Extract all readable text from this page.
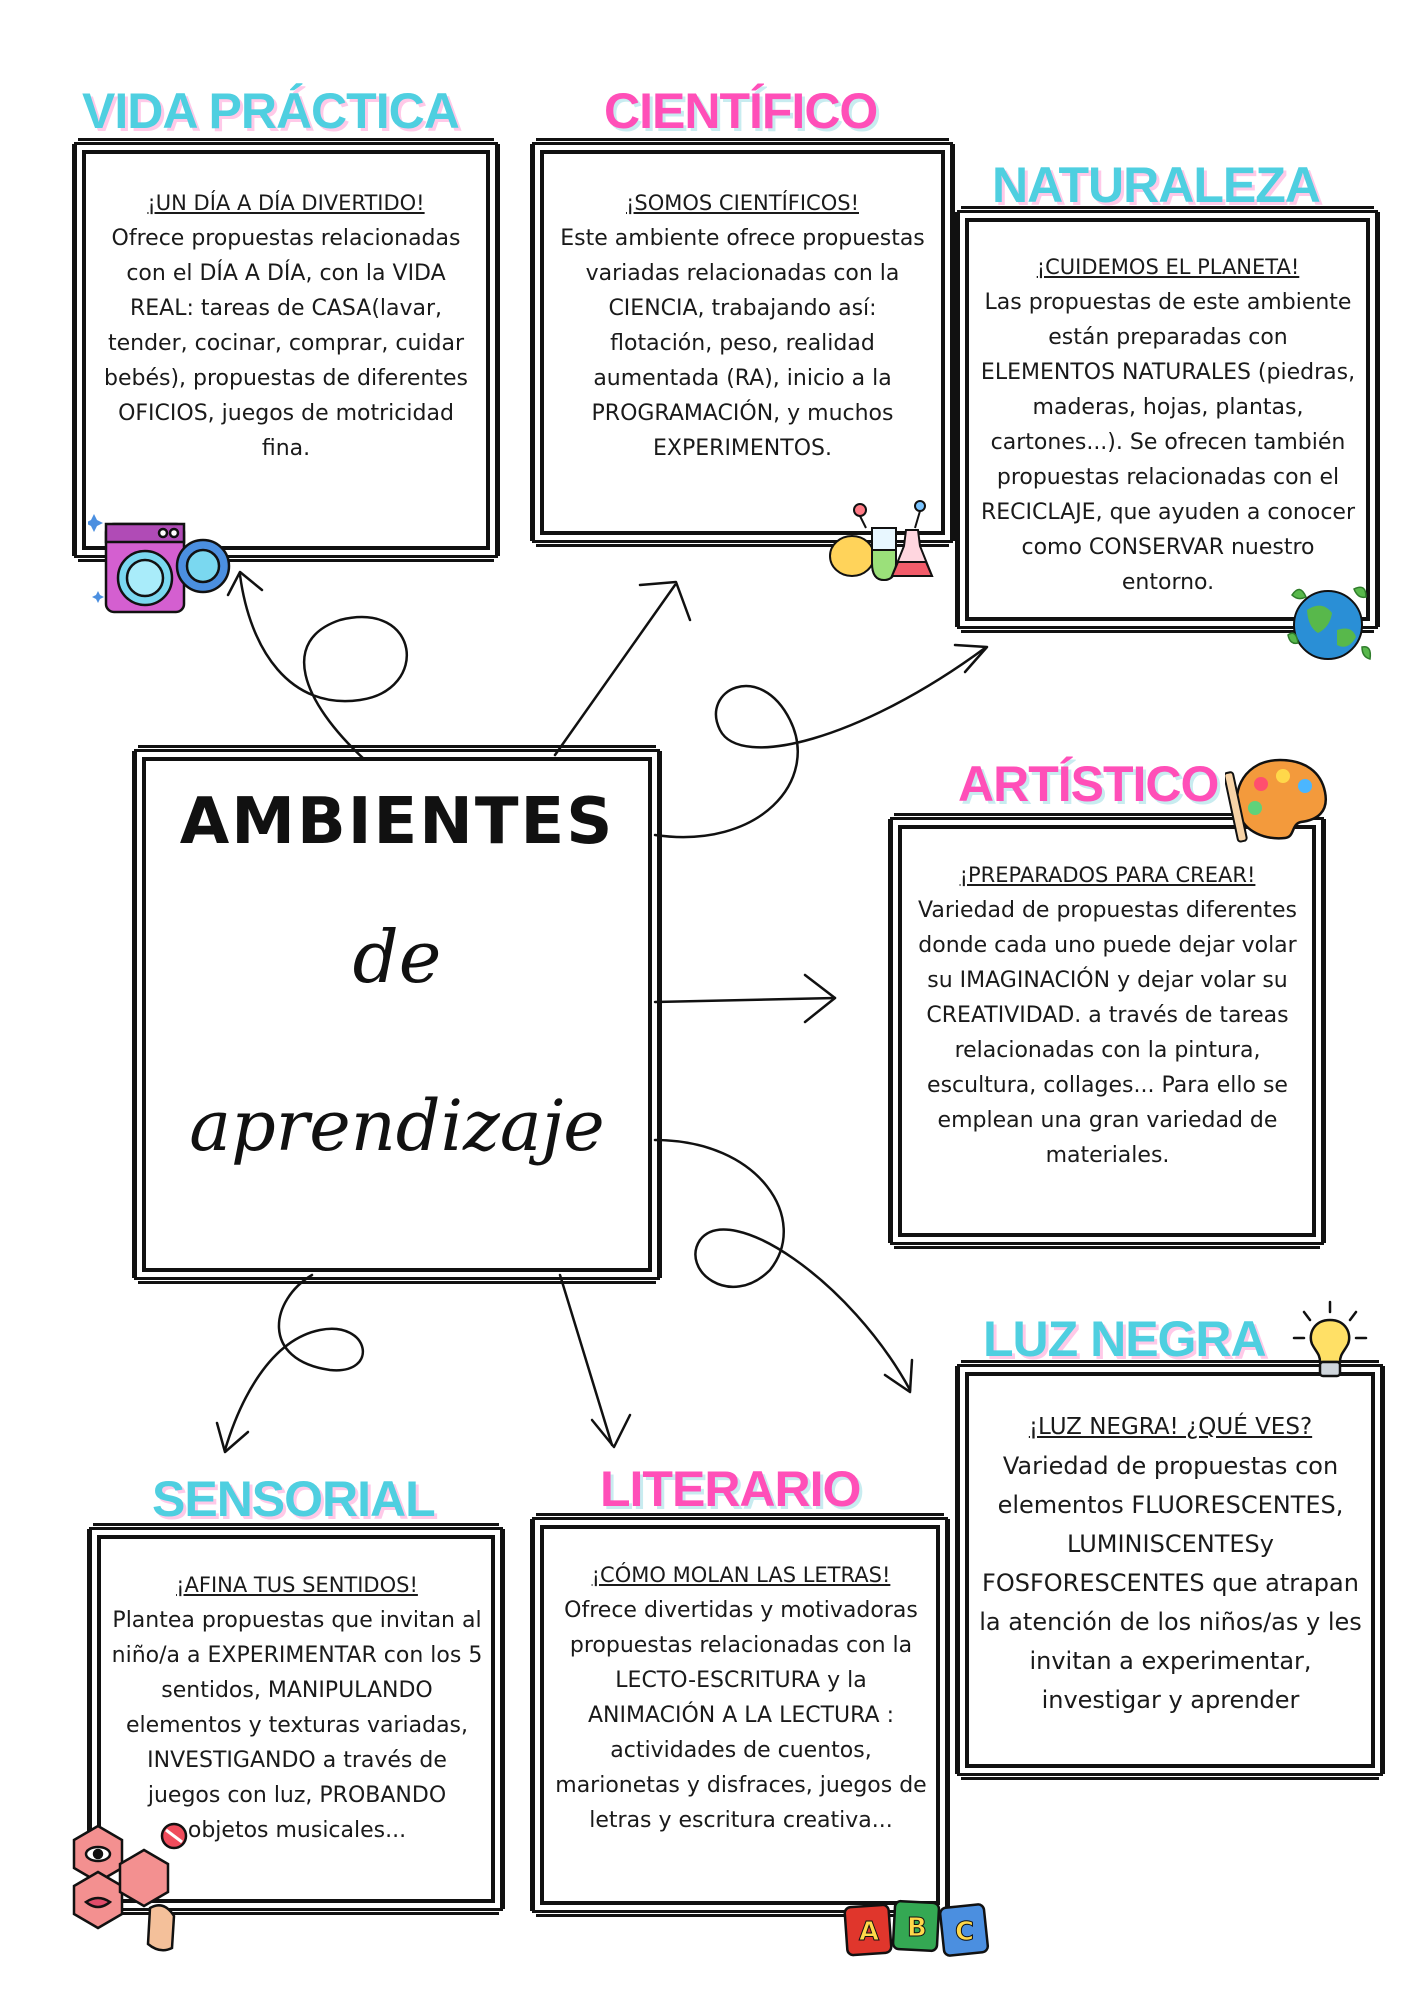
AMBIENTES
de
aprendizaje
VIDA PRÁCTICA
¡UN DÍA A DÍA DIVERTIDO!
Ofrece propuestas relacionadas con el DÍA A DÍA, con la VIDA REAL: tareas de CASA(lavar, tender, cocinar, comprar, cuidar bebés), propuestas de diferentes OFICIOS, juegos de motricidad fina.
CIENTÍFICO
¡SOMOS CIENTÍFICOS!
Este ambiente ofrece propuestas variadas relacionadas con la CIENCIA, trabajando así: flotación, peso, realidad aumentada (RA), inicio a la PROGRAMACIÓN, y muchos EXPERIMENTOS.
NATURALEZA
¡CUIDEMOS EL PLANETA!
Las propuestas de este ambiente están preparadas con ELEMENTOS NATURALES (piedras, maderas, hojas, plantas, cartones...). Se ofrecen también propuestas relacionadas con el RECICLAJE, que ayuden a conocer como CONSERVAR nuestro entorno.
ARTÍSTICO
¡PREPARADOS PARA CREAR!
Variedad de propuestas diferentes donde cada uno puede dejar volar su IMAGINACIÓN y dejar volar su CREATIVIDAD. a través de tareas relacionadas con la pintura, escultura, collages... Para ello se emplean una gran variedad de materiales.
LUZ NEGRA
¡LUZ NEGRA! ¿QUÉ VES?
Variedad de propuestas con elementos FLUORESCENTES, LUMINISCENTESy FOSFORESCENTES que atrapan la atención de los niños/as y les invitan a experimentar, investigar y aprender
SENSORIAL
¡AFINA TUS SENTIDOS!
Plantea propuestas que invitan al niño/a a EXPERIMENTAR con los 5 sentidos, MANIPULANDO elementos y texturas variadas, INVESTIGANDO a través de juegos con luz, PROBANDO objetos musicales...
LITERARIO
¡CÓMO MOLAN LAS LETRAS!
Ofrece divertidas y motivadoras propuestas relacionadas con la LECTO-ESCRITURA y la ANIMACIÓN A LA LECTURA : actividades de cuentos, marionetas y disfraces, juegos de letras y escritura creativa...
A B C
